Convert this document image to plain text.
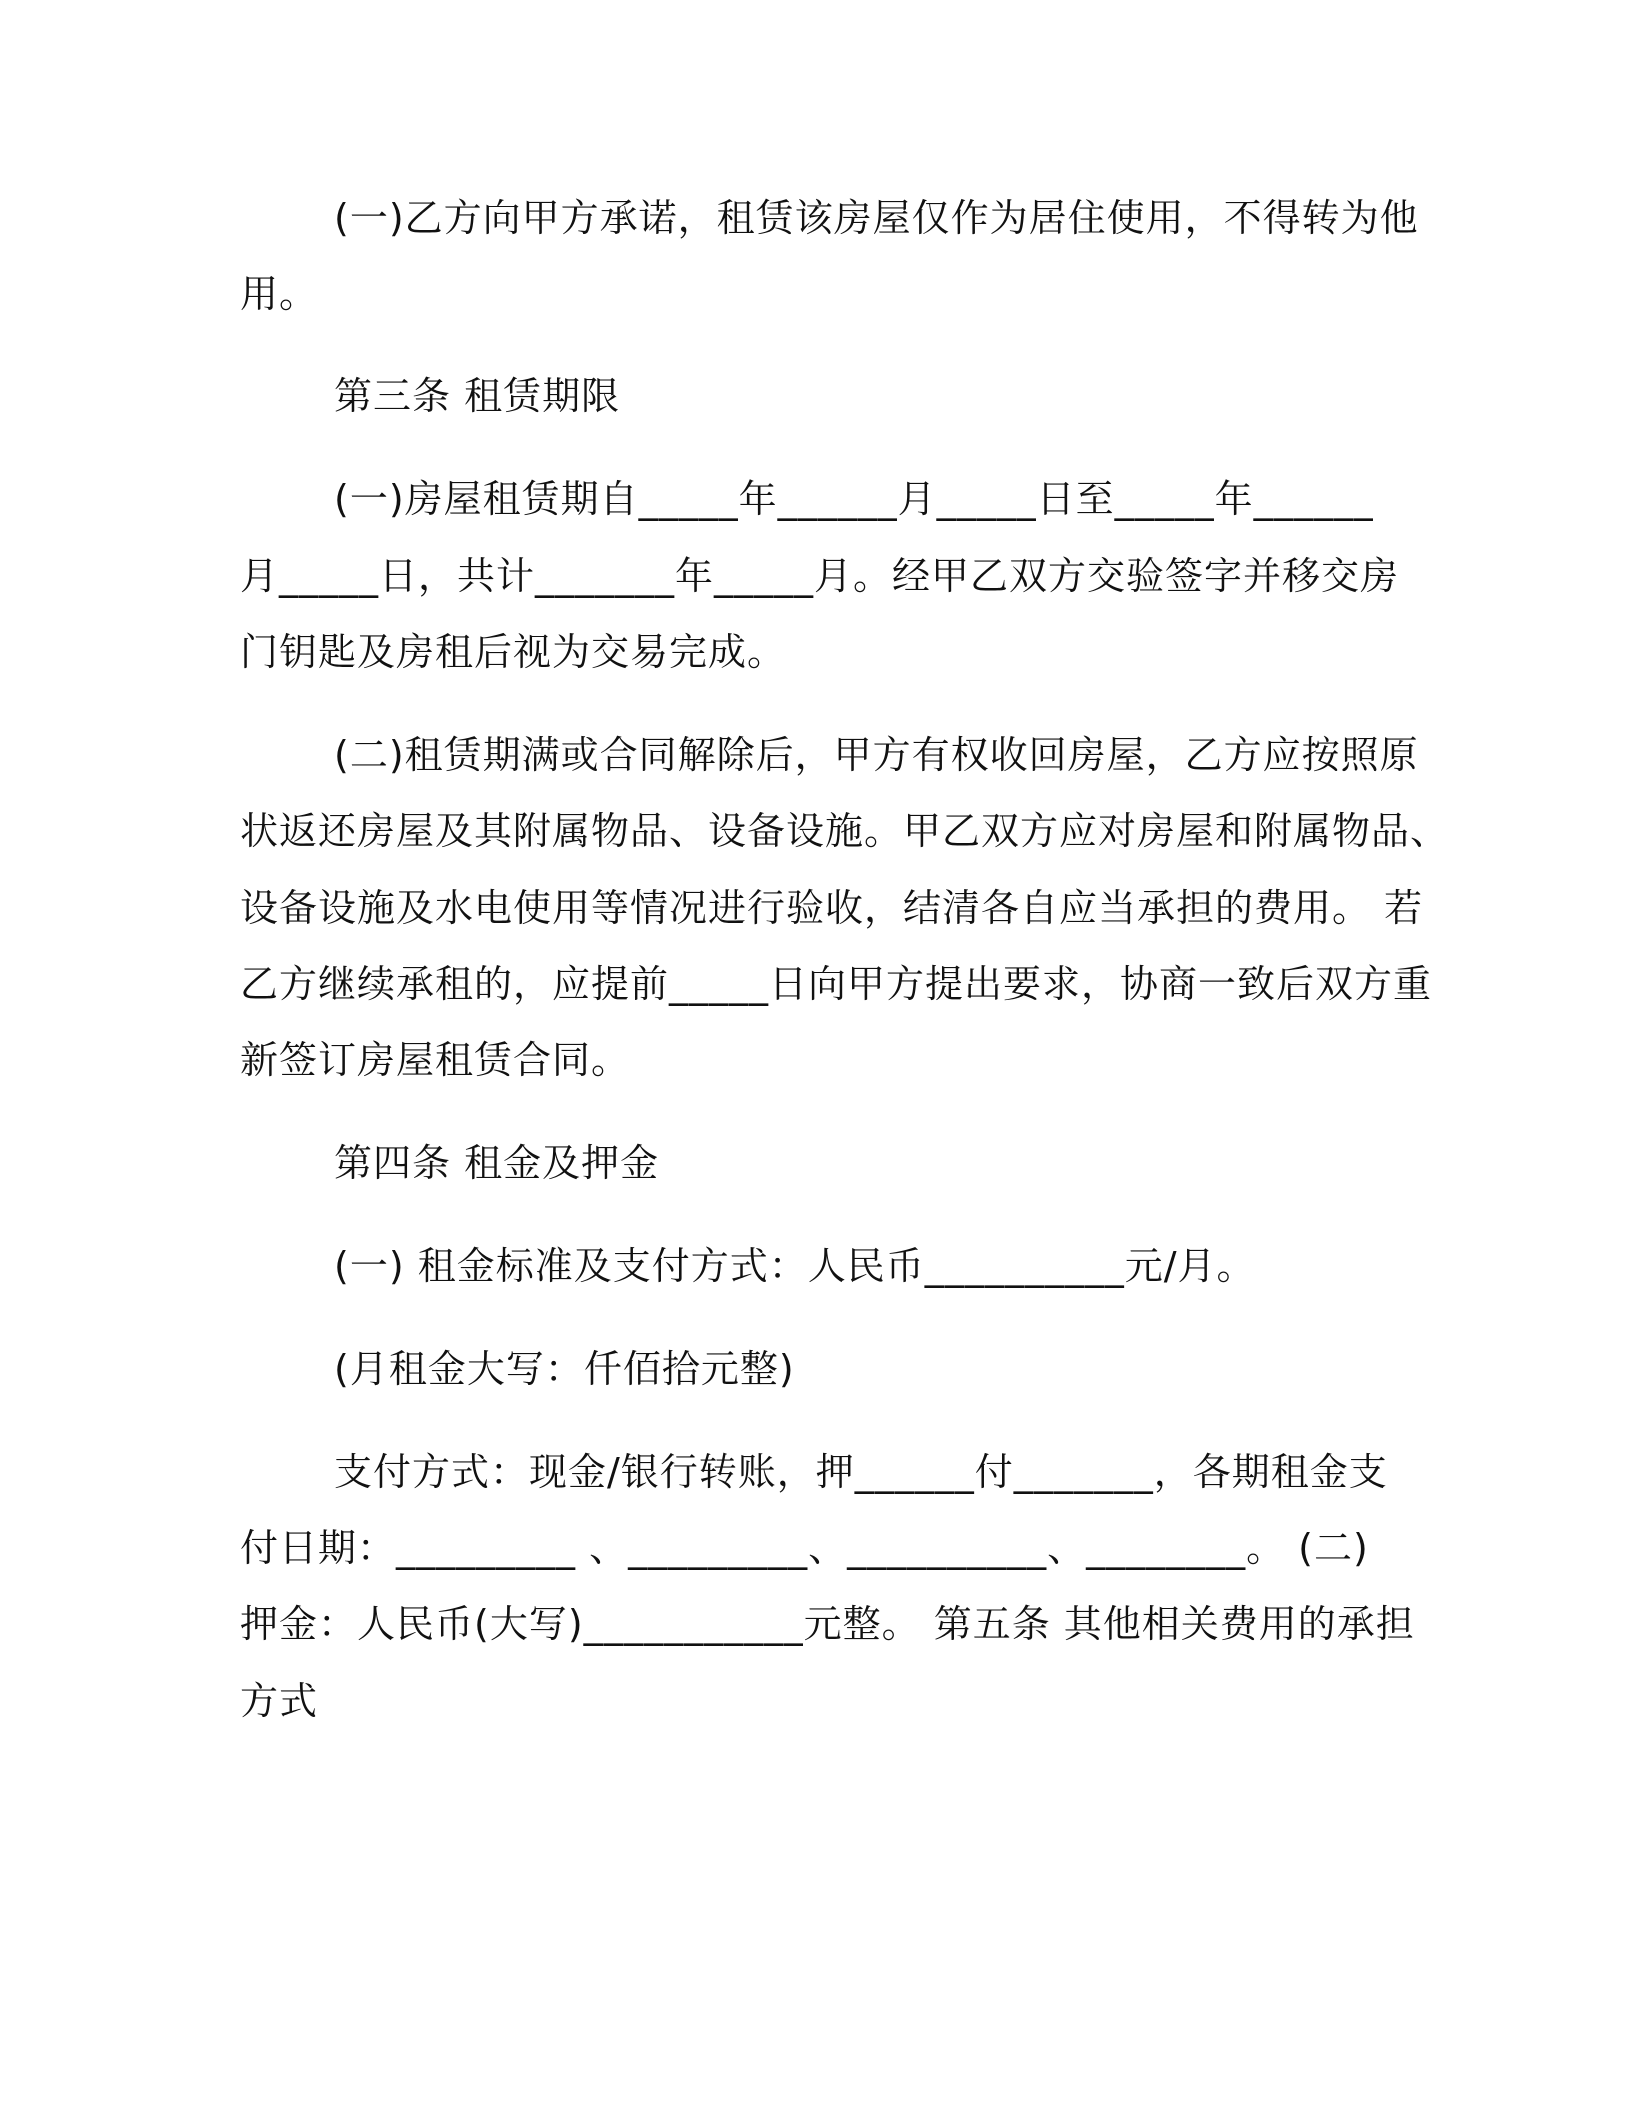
(一)乙方向甲方承诺，租赁该房屋仅作为居住使用，不得转为他
用。
第三条 租赁期限
(一)房屋租赁期自_____年______月_____日至_____年______
月_____日，共计_______年_____月。经甲乙双方交验签字并移交房
门钥匙及房租后视为交易完成。
(二)租赁期满或合同解除后，甲方有权收回房屋，乙方应按照原
状返还房屋及其附属物品、设备设施。甲乙双方应对房屋和附属物品、
设备设施及水电使用等情况进行验收，结清各自应当承担的费用。 若
乙方继续承租的，应提前_____日向甲方提出要求，协商一致后双方重
新签订房屋租赁合同。
第四条 租金及押金
(一) 租金标准及支付方式：人民币__________元/月。
(月租金大写：仟佰拾元整)
支付方式：现金/银行转账，押______付_______，各期租金支
付日期：_________ 、_________、__________、________。 (二)
押金：人民币(大写)___________元整。 第五条 其他相关费用的承担
方式
